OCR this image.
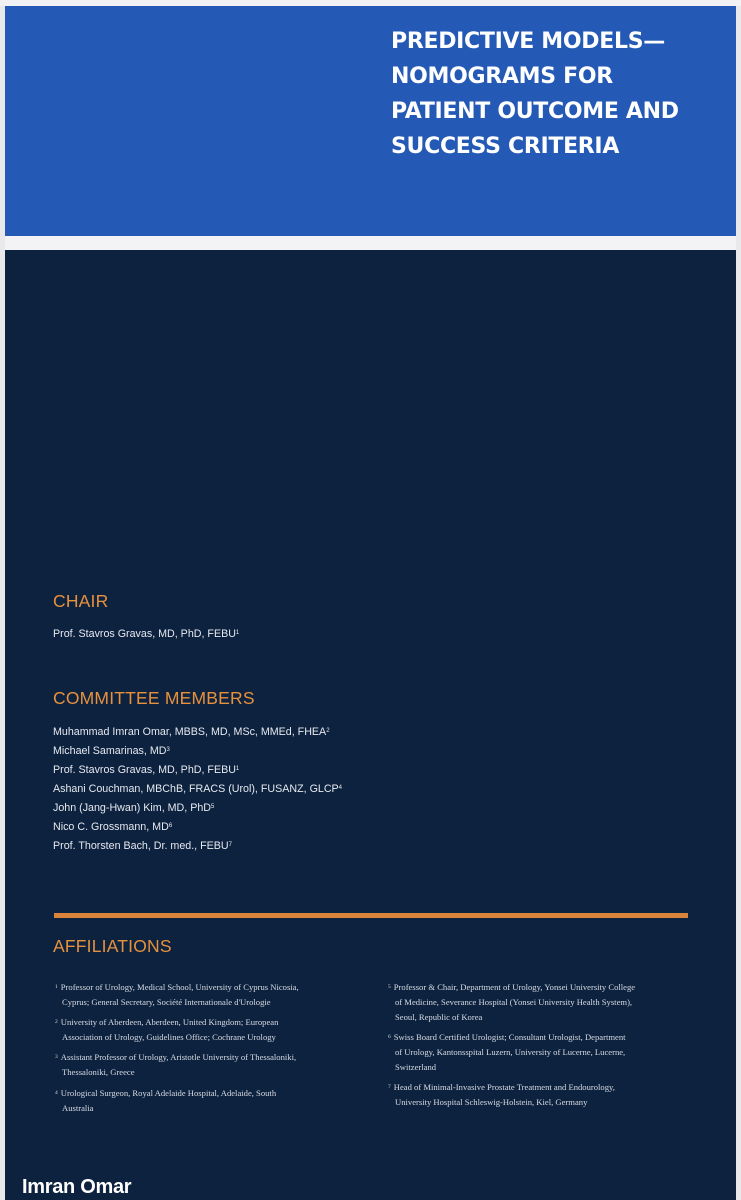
PREDICTIVE MODELS—
NOMOGRAMS FOR
PATIENT OUTCOME AND
SUCCESS CRITERIA
CHAIR
Prof. Stavros Gravas, MD, PhD, FEBU$^1$
COMMITTEE MEMBERS
Muhammad Imran Omar, MBBS, MD, MSc, MMEd, FHEA$^2$
Michael Samarinas, $MD^3$
Prof. Stavros Gravas, MD, PhD, FEBU$^1$
Ashani Couchman, MBChB, FRACS (Urol), FUSANZ, GLCP$^4$
John (Jang-Hwan) Kim, MD, PhD$^5$
Nico C. Grossmann, $MD^6$
Prof. Thorsten Bach, Dr. med., FEBU$^7$
AFFILIATIONS
$^1$ Professor of Urology, Medical School, University of Cyprus Nicosia,
Cyprus; General Secretary, Société Internationale d'Urologie
$^2$ University of Aberdeen, Aberdeen, United Kingdom; European
Association of Urology, Guidelines Office; Cochrane Urology
$^3$ Assistant Professor of Urology, Aristotle University of Thessaloniki,
Thessaloniki, Greece
$^4$ Urological Surgeon, Royal Adelaide Hospital, Adelaide, South
Australia
$^5$ Professor & Chair, Department of Urology, Yonsei University College
of Medicine, Severance Hospital (Yonsei University Health System),
Seoul, Republic of Korea
$^6$ Swiss Board Certified Urologist; Consultant Urologist, Department
of Urology, Kantonsspital Luzern, University of Lucerne, Lucerne,
Switzerland
$^7$ Head of Minimal-Invasive Prostate Treatment and Endourology,
University Hospital Schleswig-Holstein, Kiel, Germany

Imran Omar
